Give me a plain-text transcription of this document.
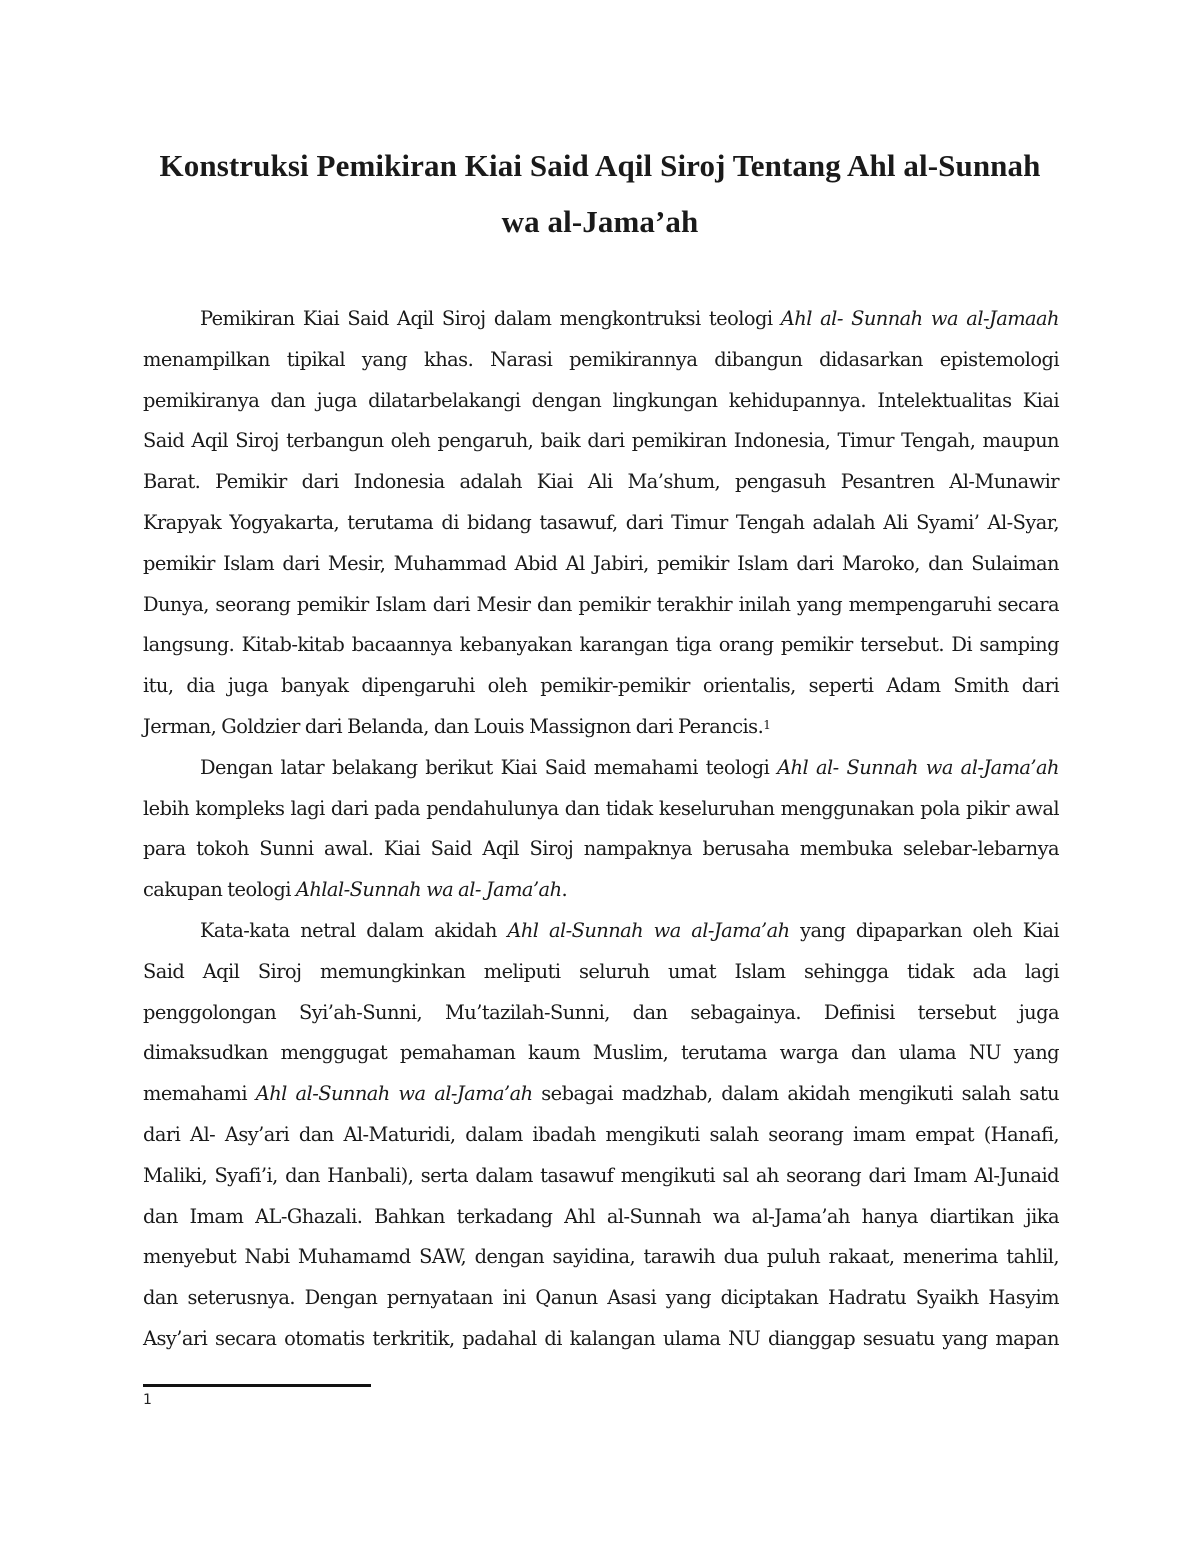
Konstruksi Pemikiran Kiai Said Aqil Siroj Tentang Ahl al-Sunnah
wa al-Jama’ah
Pemikiran Kiai Said Aqil Siroj dalam mengkontruksi teologi Ahl al- Sunnah wa al-Jamaah
menampilkan tipikal yang khas. Narasi pemikirannya dibangun didasarkan epistemologi
pemikiranya dan juga dilatarbelakangi dengan lingkungan kehidupannya. Intelektualitas Kiai
Said Aqil Siroj terbangun oleh pengaruh, baik dari pemikiran Indonesia, Timur Tengah, maupun
Barat. Pemikir dari Indonesia adalah Kiai Ali Ma’shum, pengasuh Pesantren Al-Munawir
Krapyak Yogyakarta, terutama di bidang tasawuf, dari Timur Tengah adalah Ali Syami’ Al-Syar,
pemikir Islam dari Mesir, Muhammad Abid Al Jabiri, pemikir Islam dari Maroko, dan Sulaiman
Dunya, seorang pemikir Islam dari Mesir dan pemikir terakhir inilah yang mempengaruhi secara
langsung. Kitab-kitab bacaannya kebanyakan karangan tiga orang pemikir tersebut. Di samping
itu, dia juga banyak dipengaruhi oleh pemikir-pemikir orientalis, seperti Adam Smith dari
Jerman, Goldzier dari Belanda, dan Louis Massignon dari Perancis.$^1$
Dengan latar belakang berikut Kiai Said memahami teologi Ahl al- Sunnah wa al-Jama’ah
lebih kompleks lagi dari pada pendahulunya dan tidak keseluruhan menggunakan pola pikir awal
para tokoh Sunni awal. Kiai Said Aqil Siroj nampaknya berusaha membuka selebar-lebarnya
cakupan teologi Ahlal-Sunnah wa al- Jama’ah.
Kata-kata netral dalam akidah Ahl al-Sunnah wa al-Jama’ah yang dipaparkan oleh Kiai
Said Aqil Siroj memungkinkan meliputi seluruh umat Islam sehingga tidak ada lagi
penggolongan Syi’ah-Sunni, Mu’tazilah-Sunni, dan sebagainya. Definisi tersebut juga
dimaksudkan menggugat pemahaman kaum Muslim, terutama warga dan ulama NU yang
memahami Ahl al-Sunnah wa al-Jama’ah sebagai madzhab, dalam akidah mengikuti salah satu
dari Al- Asy’ari dan Al-Maturidi, dalam ibadah mengikuti salah seorang imam empat (Hanafi,
Maliki, Syafi’i, dan Hanbali), serta dalam tasawuf mengikuti sal ah seorang dari Imam Al-Junaid
dan Imam AL-Ghazali. Bahkan terkadang Ahl al-Sunnah wa al-Jama’ah hanya diartikan jika
menyebut Nabi Muhamamd SAW, dengan sayidina, tarawih dua puluh rakaat, menerima tahlil,
dan seterusnya. Dengan pernyataan ini Qanun Asasi yang diciptakan Hadratu Syaikh Hasyim
Asy’ari secara otomatis terkritik, padahal di kalangan ulama NU dianggap sesuatu yang mapan
1
